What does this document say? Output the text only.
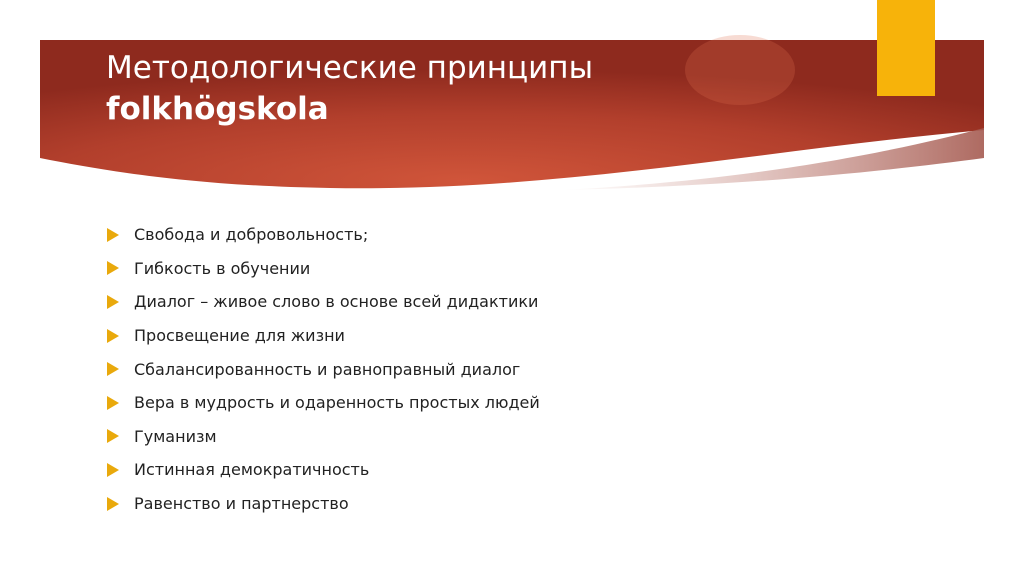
Методологические принципы
folkhögskola
Свобода и добровольность;
Гибкость в обучении
Диалог – живое слово в основе всей дидактики
Просвещение для жизни
Сбалансированность и равноправный диалог
Вера в мудрость и одаренность простых людей
Гуманизм
Истинная демократичность
Равенство и партнерство
